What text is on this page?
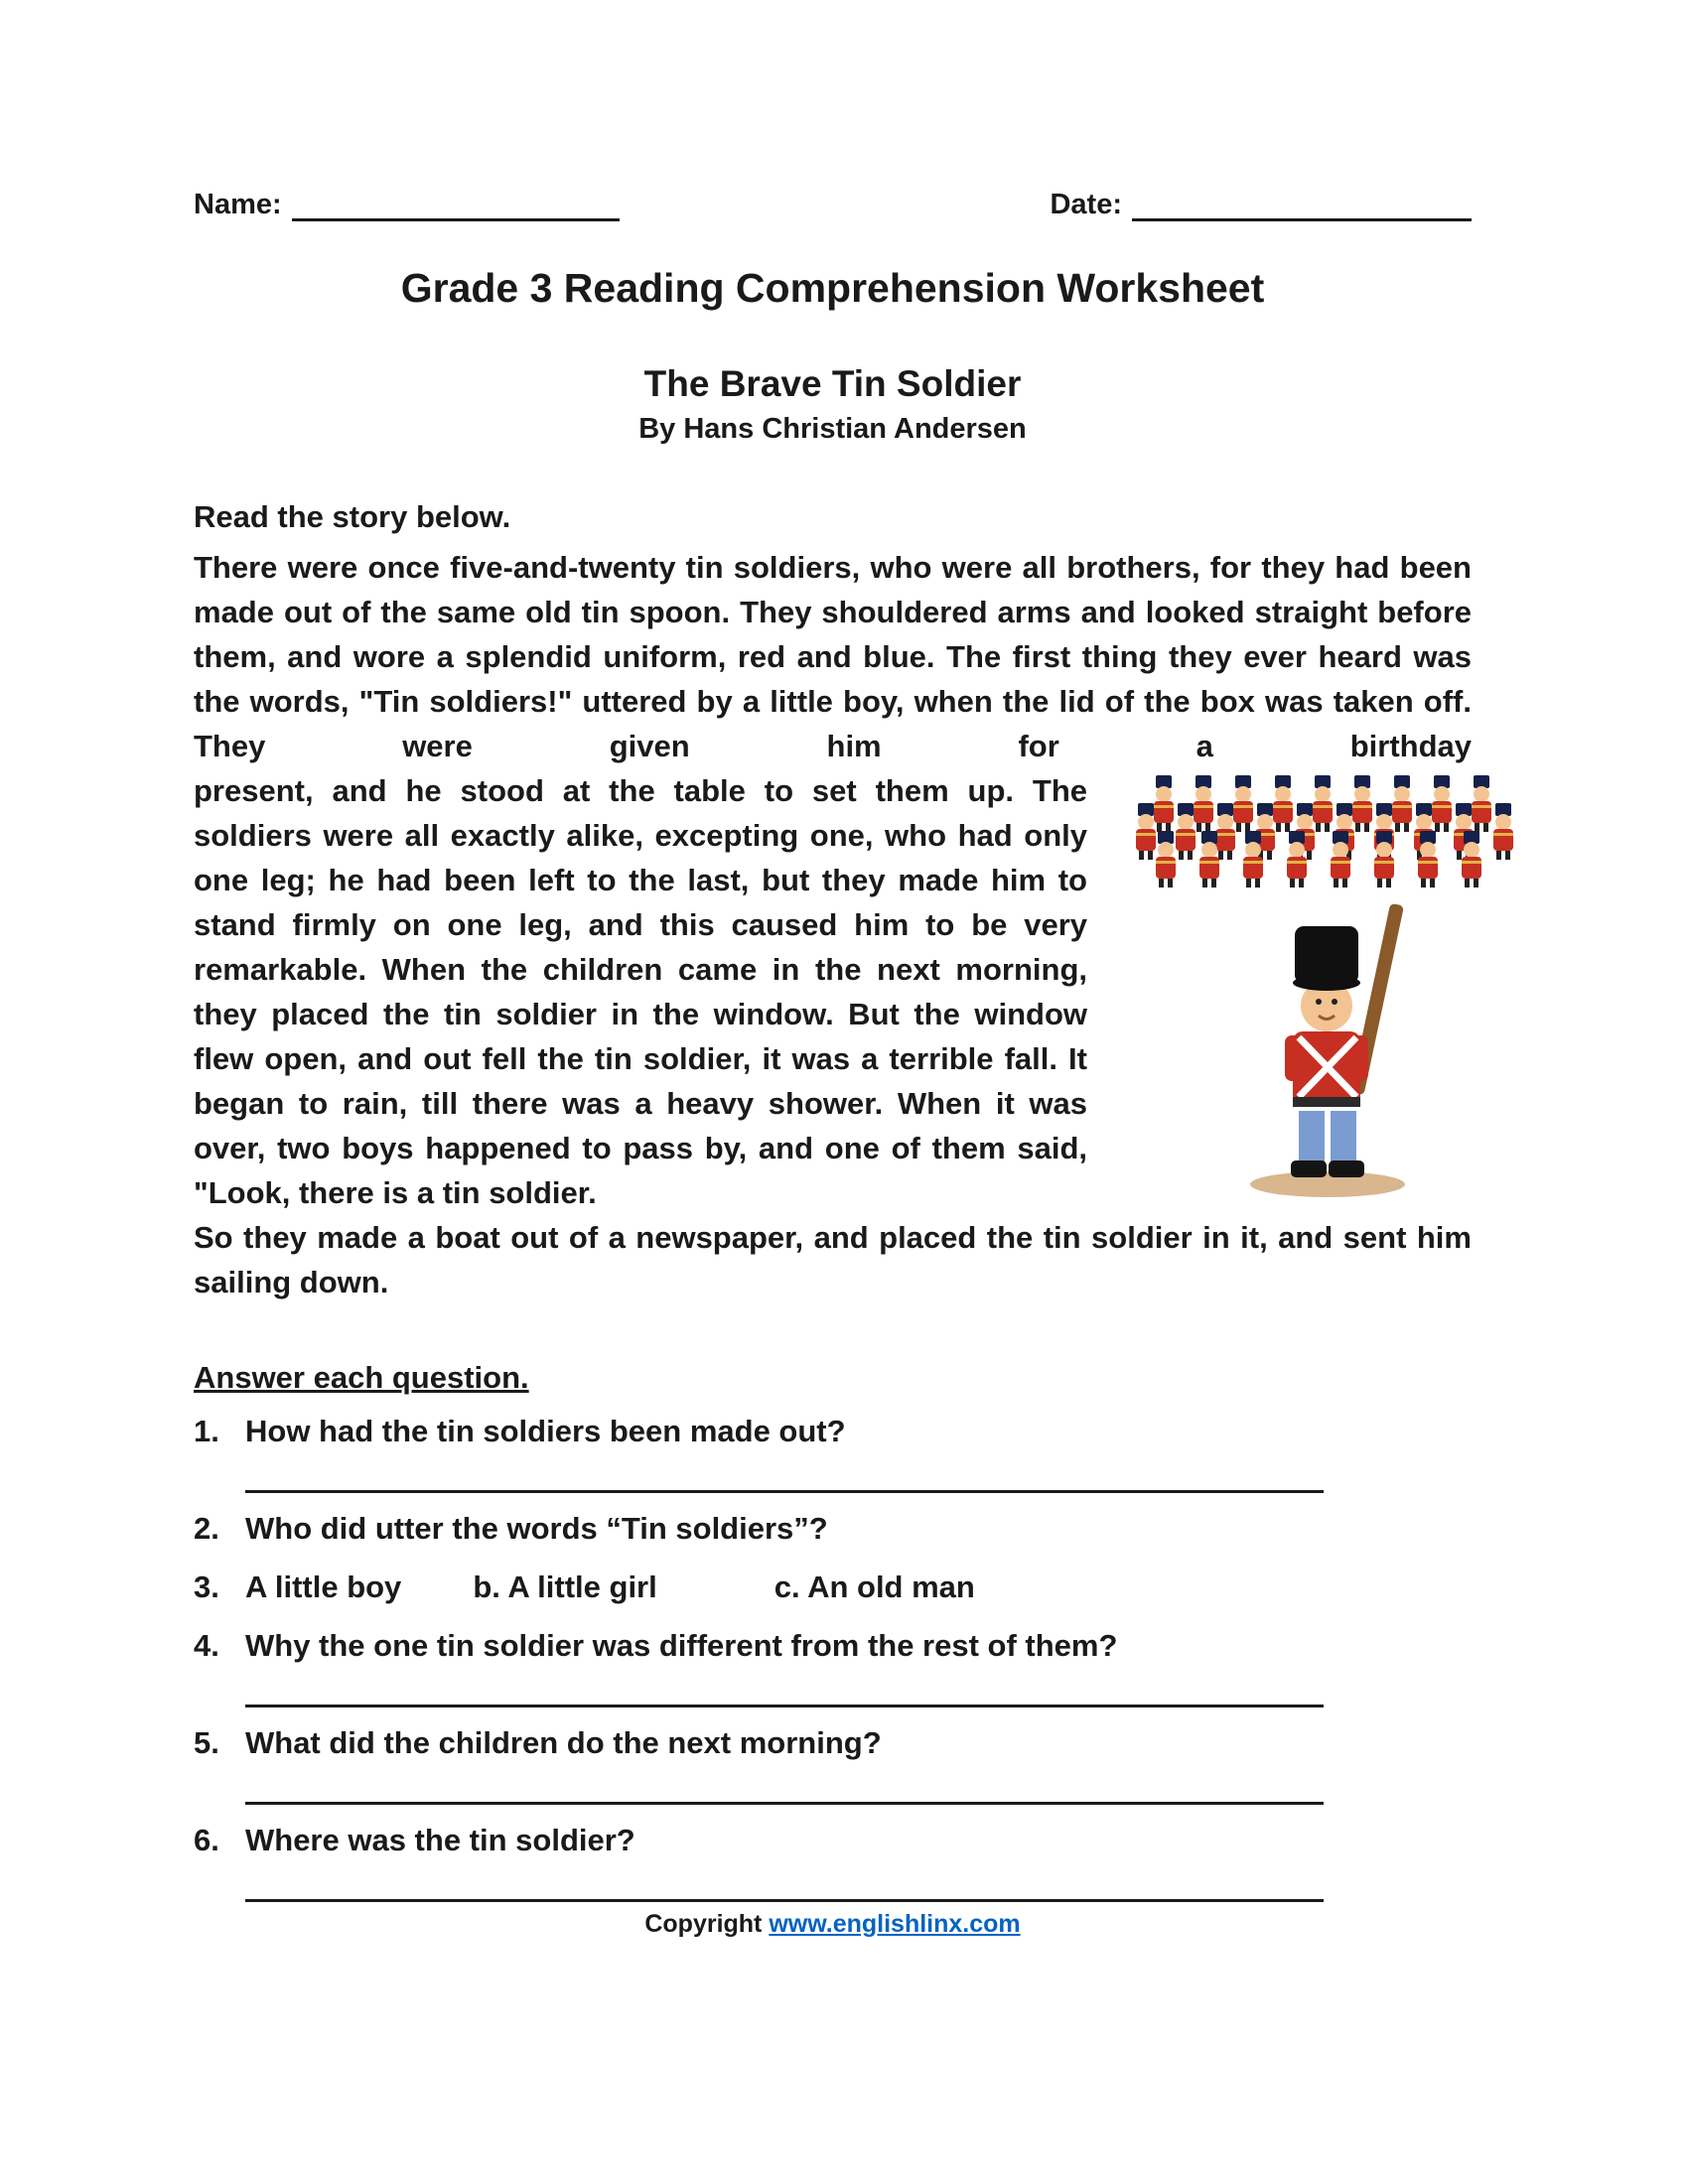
Name:	Date:
Grade 3 Reading Comprehension Worksheet
The Brave Tin Soldier
By Hans Christian Andersen
Read the story below.

There were once five-and-twenty tin soldiers, who were all brothers, for they had been made out of the same old tin spoon. They shouldered arms and looked straight before them, and wore a splendid uniform, red and blue. The first thing they ever heard was the words, "Tin soldiers!" uttered by a little boy, when the lid of the box was taken off. They were given him for a birthday

present, and he stood at the table to set them up. The soldiers were all exactly alike, excepting one, who had only one leg; he had been left to the last, but they made him to stand firmly on one leg, and this caused him to be very remarkable. When the children came in the next morning, they placed the tin soldier in the window. But the window flew open, and out fell the tin soldier, it was a terrible fall. It began to rain, till there was a heavy shower. When it was over, two boys happened to pass by, and one of them said, "Look, there is a tin soldier.

So they made a boat out of a newspaper, and placed the tin soldier in it, and sent him sailing down.

Answer each question.

1. How had the tin soldiers been made out?
2. Who did utter the words “Tin soldiers”?
3. A little boy b. A little girl	c. An old man
4. Why the one tin soldier was different from the rest of them?
5. What did the children do the next morning?
6. Where was the tin soldier?
Copyright www.englishlinx.com
